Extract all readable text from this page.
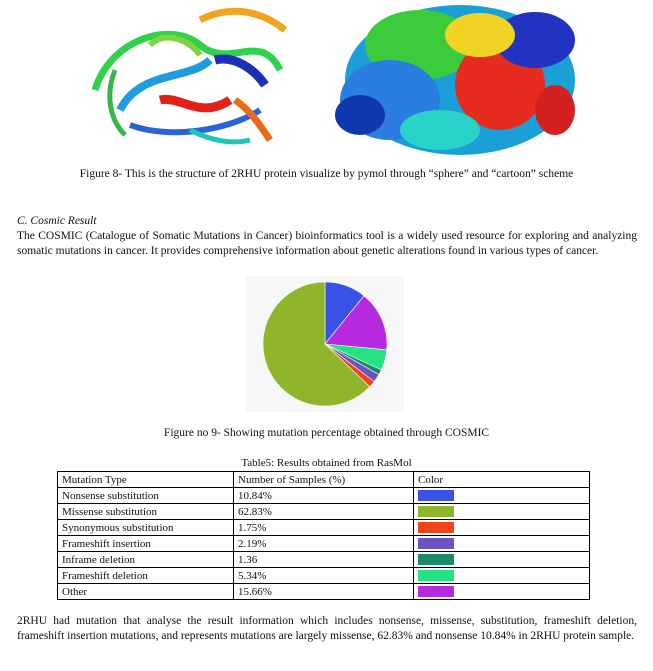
Figure 8- This is the structure of 2RHU protein visualize by pymol through “sphere” and “cartoon” scheme
C. Cosmic Result
The COSMIC (Catalogue of Somatic Mutations in Cancer) bioinformatics tool is a widely used resource for exploring and analyzing somatic mutations in cancer. It provides comprehensive information about genetic alterations found in various types of cancer.
Figure no 9- Showing mutation percentage obtained through COSMIC
Table5: Results obtained from RasMol
Mutation Type	Number of Samples (%)	Color
Nonsense substitution	10.84%	
Missense substitution	62.83%	
Synonymous substitution	1.75%	
Frameshift insertion	2.19%	
Inframe deletion	1.36	
Frameshift deletion	5.34%	
Other	15.66%	
2RHU had mutation that analyse the result information which includes nonsense, missense, substitution, frameshift deletion, frameshift insertion mutations, and represents mutations are largely missense, 62.83% and nonsense 10.84% in 2RHU protein sample.
